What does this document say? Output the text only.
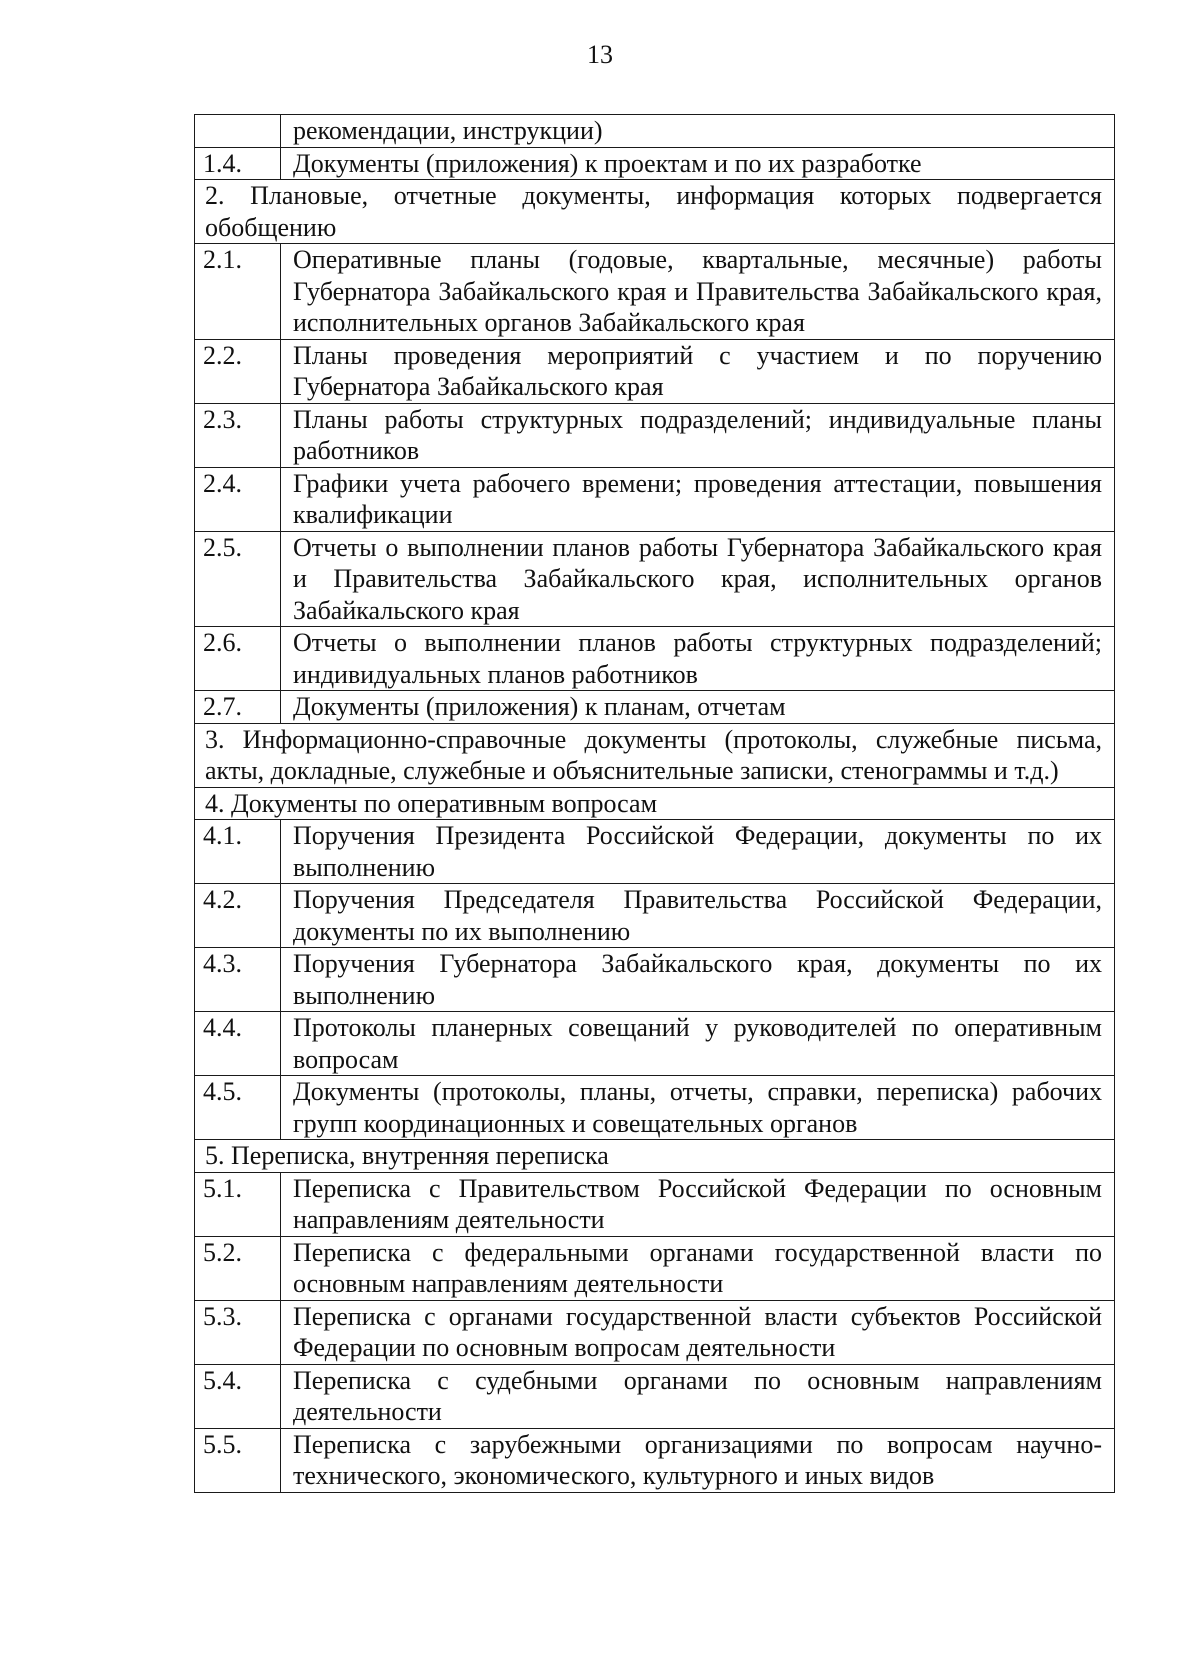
13
	рекомендации, инструкции)
1.4.	Документы (приложения) к проектам и по их разработке
2. Плановые, отчетные документы, информация которых подвергается обобщению	
2.1.	Оперативные планы (годовые, квартальные, месячные) работы Губернатора Забайкальского края и Правительства Забайкальского края, исполнительных органов Забайкальского края
2.2.	Планы проведения мероприятий с участием и по поручению Губернатора Забайкальского края
2.3.	Планы работы структурных подразделений; индивидуальные планы работников
2.4.	Графики учета рабочего времени; проведения аттестации, повышения квалификации
2.5.	Отчеты о выполнении планов работы Губернатора Забайкальского края и Правительства Забайкальского края, исполнительных органов Забайкальского края
2.6.	Отчеты о выполнении планов работы структурных подразделений; индивидуальных планов работников
2.7.	Документы (приложения) к планам, отчетам
3. Информационно-справочные документы (протоколы, служебные письма, акты, докладные, служебные и объяснительные записки, стенограммы и т.д.)	
4. Документы по оперативным вопросам	
4.1.	Поручения Президента Российской Федерации, документы по их выполнению
4.2.	Поручения Председателя Правительства Российской Федерации, документы по их выполнению
4.3.	Поручения Губернатора Забайкальского края, документы по их выполнению
4.4.	Протоколы планерных совещаний у руководителей по оперативным вопросам
4.5.	Документы (протоколы, планы, отчеты, справки, переписка) рабочих групп координационных и совещательных органов
5. Переписка, внутренняя переписка	
5.1.	Переписка с Правительством Российской Федерации по основным направлениям деятельности
5.2.	Переписка с федеральными органами государственной власти по основным направлениям деятельности
5.3.	Переписка с органами государственной власти субъектов Российской Федерации по основным вопросам деятельности
5.4.	Переписка с судебными органами по основным направлениям деятельности
5.5.	Переписка с зарубежными организациями по вопросам научно-технического, экономического, культурного и иных видов
